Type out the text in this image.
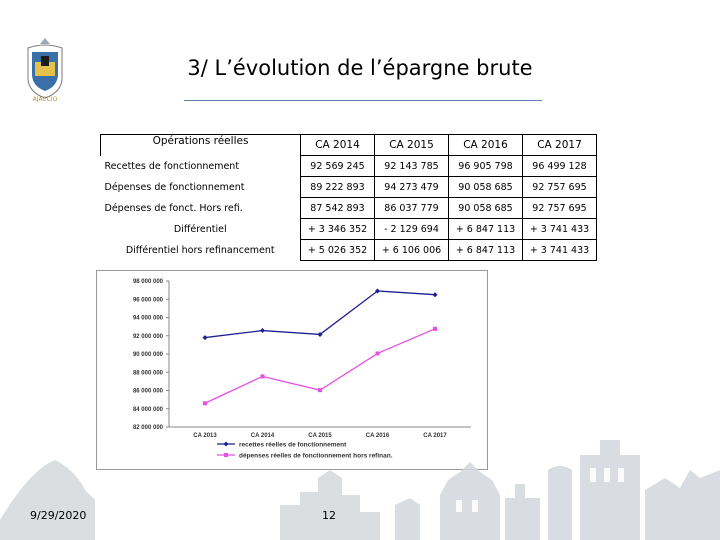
AJACCIO
3/ L’évolution de l’épargne brute
Opérations réelles	CA 2014	CA 2015	CA 2016	CA 2017
Recettes de fonctionnement	92 569 245	92 143 785	96 905 798	96 499 128
Dépenses de fonctionnement	89 222 893	94 273 479	90 058 685	92 757 695
Dépenses de fonct. Hors refi.	87 542 893	86 037 779	90 058 685	92 757 695
Différentiel	+ 3 346 352	- 2 129 694	+ 6 847 113	+ 3 741 433
Différentiel hors refinancement	+ 5 026 352	+ 6 106 006	+ 6 847 113	+ 3 741 433
98 000 000
96 000 000
94 000 000
92 000 000
90 000 000
88 000 000
86 000 000
84 000 000
82 000 000
CA 2013	CA 2014	CA 2015	CA 2016	CA 2017
recettes réelles de fonctionnement
dépenses réelles de fonctionnement hors refinan.
9/29/2020	12
